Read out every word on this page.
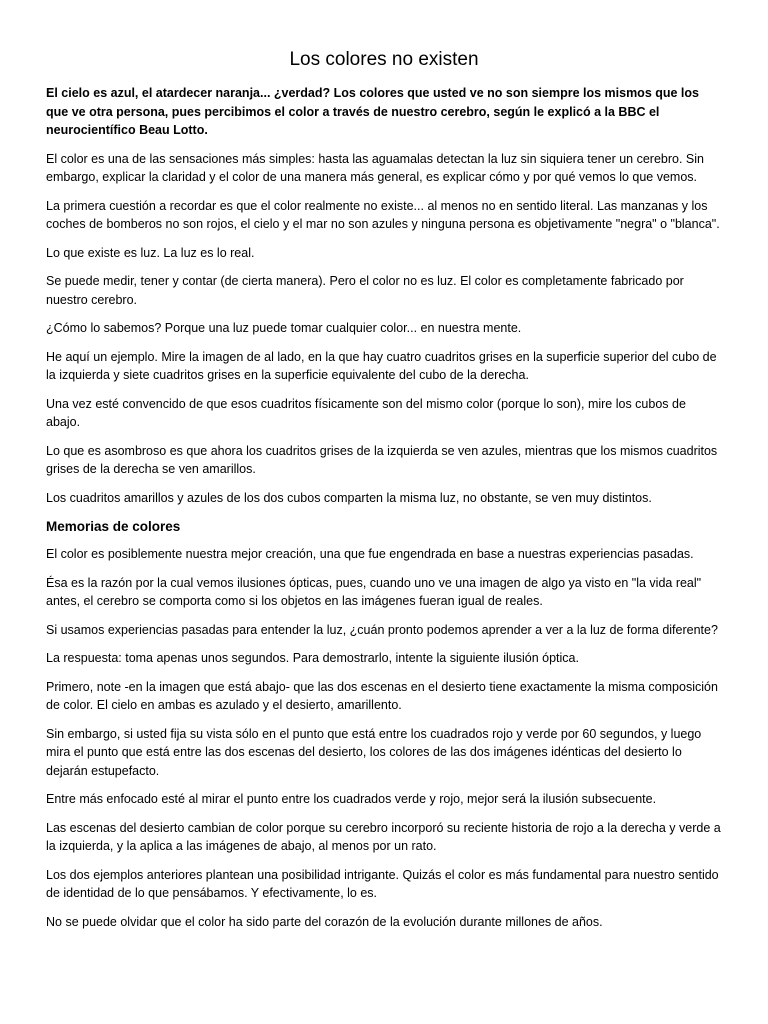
Los colores no existen

El cielo es azul, el atardecer naranja... ¿verdad? Los colores que usted ve no son siempre los mismos que los que ve otra persona, pues percibimos el color a través de nuestro cerebro, según le explicó a la BBC el neurocientífico Beau Lotto.

El color es una de las sensaciones más simples: hasta las aguamalas detectan la luz sin siquiera tener un cerebro. Sin embargo, explicar la claridad y el color de una manera más general, es explicar cómo y por qué vemos lo que vemos.

La primera cuestión a recordar es que el color realmente no existe... al menos no en sentido literal. Las manzanas y los coches de bomberos no son rojos, el cielo y el mar no son azules y ninguna persona es objetivamente "negra" o "blanca".

Lo que existe es luz. La luz es lo real.

Se puede medir, tener y contar (de cierta manera). Pero el color no es luz. El color es completamente fabricado por nuestro cerebro.

¿Cómo lo sabemos? Porque una luz puede tomar cualquier color... en nuestra mente.

He aquí un ejemplo. Mire la imagen de al lado, en la que hay cuatro cuadritos grises en la superficie superior del cubo de la izquierda y siete cuadritos grises en la superficie equivalente del cubo de la derecha.

Una vez esté convencido de que esos cuadritos físicamente son del mismo color (porque lo son), mire los cubos de abajo.

Lo que es asombroso es que ahora los cuadritos grises de la izquierda se ven azules, mientras que los mismos cuadritos grises de la derecha se ven amarillos.

Los cuadritos amarillos y azules de los dos cubos comparten la misma luz, no obstante, se ven muy distintos.

Memorias de colores

El color es posiblemente nuestra mejor creación, una que fue engendrada en base a nuestras experiencias pasadas.

Ésa es la razón por la cual vemos ilusiones ópticas, pues, cuando uno ve una imagen de algo ya visto en "la vida real" antes, el cerebro se comporta como si los objetos en las imágenes fueran igual de reales.

Si usamos experiencias pasadas para entender la luz, ¿cuán pronto podemos aprender a ver a la luz de forma diferente?

La respuesta: toma apenas unos segundos. Para demostrarlo, intente la siguiente ilusión óptica.

Primero, note -en la imagen que está abajo- que las dos escenas en el desierto tiene exactamente la misma composición de color. El cielo en ambas es azulado y el desierto, amarillento.

Sin embargo, si usted fija su vista sólo en el punto que está entre los cuadrados rojo y verde por 60 segundos, y luego mira el punto que está entre las dos escenas del desierto, los colores de las dos imágenes idénticas del desierto lo dejarán estupefacto.

Entre más enfocado esté al mirar el punto entre los cuadrados verde y rojo, mejor será la ilusión subsecuente.

Las escenas del desierto cambian de color porque su cerebro incorporó su reciente historia de rojo a la derecha y verde a la izquierda, y la aplica a las imágenes de abajo, al menos por un rato.

Los dos ejemplos anteriores plantean una posibilidad intrigante. Quizás el color es más fundamental para nuestro sentido de identidad de lo que pensábamos. Y efectivamente, lo es.

No se puede olvidar que el color ha sido parte del corazón de la evolución durante millones de años.
